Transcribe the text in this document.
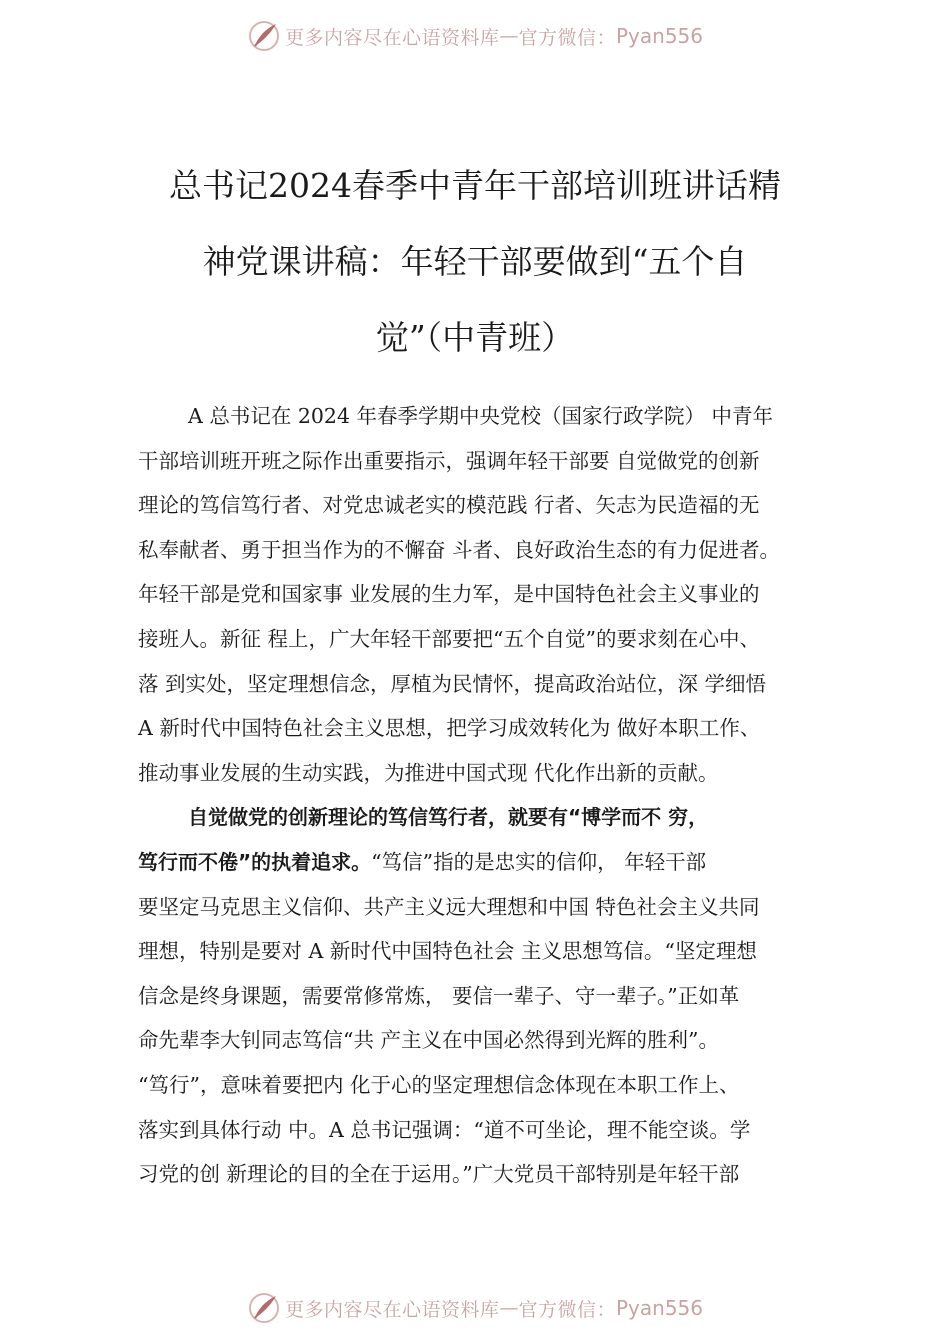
更多内容尽在心语资料库 — 官方微信： Pyan556
总书记2024春季中青年干部培训班讲话精
神党课讲稿：年轻干部要做到“五个自
觉”（中青班）
A 总书记在 2024 年春季学期中央党校（国家行政学院） 中青年
干部培训班开班之际作出重要指示，强调年轻干部要 自觉做党的创新
理论的笃信笃行者、对党忠诚老实的模范践 行者、矢志为民造福的无
私奉献者、勇于担当作为的不懈奋 斗者、良好政治生态的有力促进者。
年轻干部是党和国家事 业发展的生力军，是中国特色社会主义事业的
接班人。新征 程上，广大年轻干部要把“五个自觉”的要求刻在心中、
落 到实处，坚定理想信念，厚植为民情怀，提高政治站位，深 学细悟
A 新时代中国特色社会主义思想，把学习成效转化为 做好本职工作、
推动事业发展的生动实践，为推进中国式现 代化作出新的贡献。
自觉做党的创新理论的笃信笃行者，就要有“博学而不 穷，
笃行而不倦”的执着追求。“笃信”指的是忠实的信仰， 年轻干部
要坚定马克思主义信仰、共产主义远大理想和中国 特色社会主义共同
理想，特别是要对 A 新时代中国特色社会 主义思想笃信。“坚定理想
信念是终身课题，需要常修常炼， 要信一辈子、守一辈子。”正如革
命先辈李大钊同志笃信“共 产主义在中国必然得到光辉的胜利”。
“笃行”，意味着要把内 化于心的坚定理想信念体现在本职工作上、
落实到具体行动 中。A 总书记强调：“道不可坐论，理不能空谈。学
习党的创 新理论的目的全在于运用。”广大党员干部特别是年轻干部
更多内容尽在心语资料库 — 官方微信： Pyan556
